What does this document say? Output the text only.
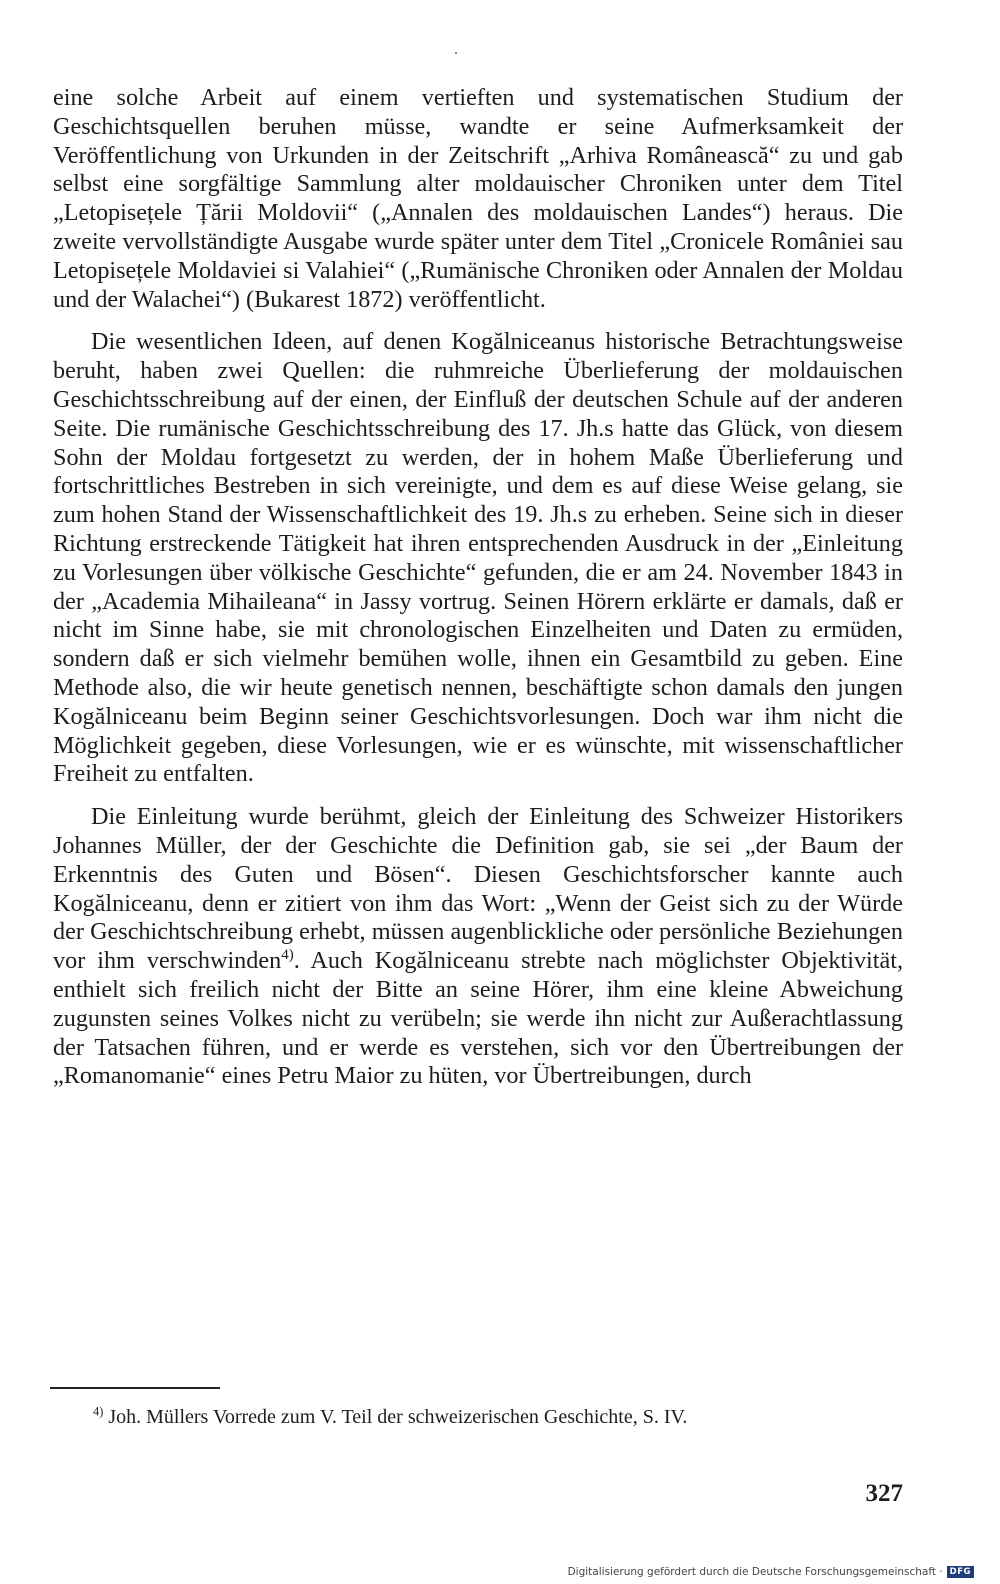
eine solche Arbeit auf einem vertieften und systematischen Studium der Geschichtsquellen beruhen müsse, wandte er seine Aufmerksamkeit der Veröffentlichung von Urkunden in der Zeitschrift „Arhiva Românească“ zu und gab selbst eine sorgfältige Sammlung alter moldauischer Chroniken unter dem Titel „Letopisețele Țării Moldovii“ („Annalen des moldauischen Landes“) heraus. Die zweite vervollständigte Ausgabe wurde später unter dem Titel „Cronicele României sau Letopisețele Moldaviei si Valahiei“ („Rumänische Chroniken oder Annalen der Moldau und der Walachei“) (Bukarest 1872) veröffentlicht.

Die wesentlichen Ideen, auf denen Kogălniceanus historische Betrachtungsweise beruht, haben zwei Quellen: die ruhmreiche Überlieferung der moldauischen Geschichtsschreibung auf der einen, der Einfluß der deutschen Schule auf der anderen Seite. Die rumänische Geschichtsschreibung des 17. Jh.s hatte das Glück, von diesem Sohn der Moldau fortgesetzt zu werden, der in hohem Maße Überlieferung und fortschrittliches Bestreben in sich vereinigte, und dem es auf diese Weise gelang, sie zum hohen Stand der Wissenschaftlichkeit des 19. Jh.s zu erheben. Seine sich in dieser Richtung erstreckende Tätigkeit hat ihren entsprechenden Ausdruck in der „Einleitung zu Vorlesungen über völkische Geschichte“ gefunden, die er am 24. November 1843 in der „Academia Mihaileana“ in Jassy vortrug. Seinen Hörern erklärte er damals, daß er nicht im Sinne habe, sie mit chronologischen Einzelheiten und Daten zu ermüden, sondern daß er sich vielmehr bemühen wolle, ihnen ein Gesamtbild zu geben. Eine Methode also, die wir heute genetisch nennen, beschäftigte schon damals den jungen Kogălniceanu beim Beginn seiner Geschichtsvorlesungen. Doch war ihm nicht die Möglichkeit gegeben, diese Vorlesungen, wie er es wünschte, mit wissenschaftlicher Freiheit zu entfalten.

Die Einleitung wurde berühmt, gleich der Einleitung des Schweizer Historikers Johannes Müller, der der Geschichte die Definition gab, sie sei „der Baum der Erkenntnis des Guten und Bösen“. Diesen Geschichtsforscher kannte auch Kogălniceanu, denn er zitiert von ihm das Wort: „Wenn der Geist sich zu der Würde der Geschichtschreibung erhebt, müssen augenblickliche oder persönliche Beziehungen vor ihm verschwinden$^{4)}$. Auch Kogălniceanu strebte nach möglichster Objektivität, enthielt sich freilich nicht der Bitte an seine Hörer, ihm eine kleine Abweichung zugunsten seines Volkes nicht zu verübeln; sie werde ihn nicht zur Außerachtlassung der Tatsachen führen, und er werde es verstehen, sich vor den Übertreibungen der „Romanomanie“ eines Petru Maior zu hüten, vor Übertreibungen, durch

$^{4)}$ Joh. Müllers Vorrede zum V. Teil der schweizerischen Geschichte, S. IV.
327
Digitalisierung gefördert durch die Deutsche Forschungsgemeinschaft · DFG
